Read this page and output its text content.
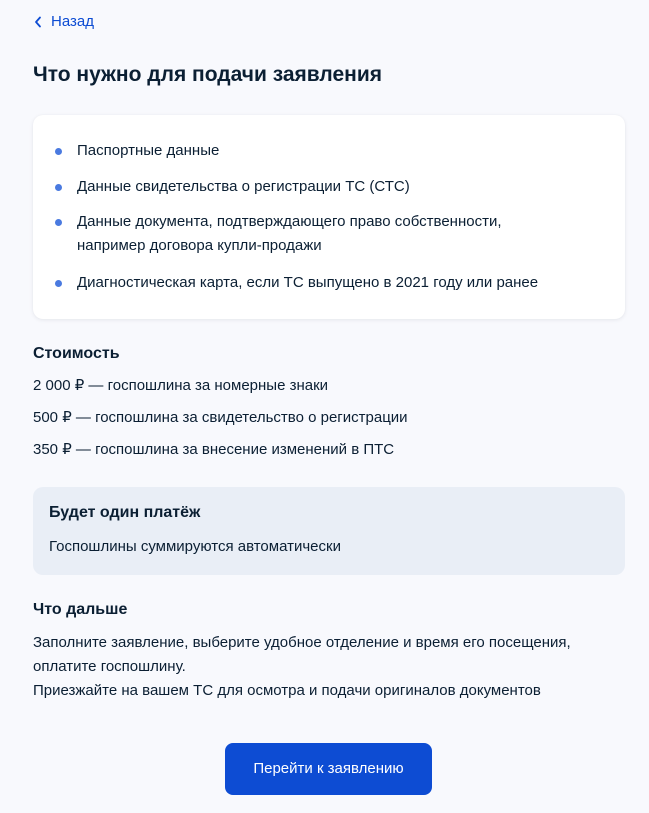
Назад
Что нужно для подачи заявления
Паспортные данные
Данные свидетельства о регистрации ТС (СТС)
Данные документа, подтверждающего право собственности,
например договора купли-продажи
Диагностическая карта, если ТС выпущено в 2021 году или ранее
Стоимость
2 000 ₽ — госпошлина за номерные знаки
500 ₽ — госпошлина за свидетельство о регистрации
350 ₽ — госпошлина за внесение изменений в ПТС
Будет один платёж
Госпошлины суммируются автоматически
Что дальше

Заполните заявление, выберите удобное отделение и время его посещения,
оплатите госпошлину.

Приезжайте на вашем ТС для осмотра и подачи оригиналов документов

Перейти к заявлению
